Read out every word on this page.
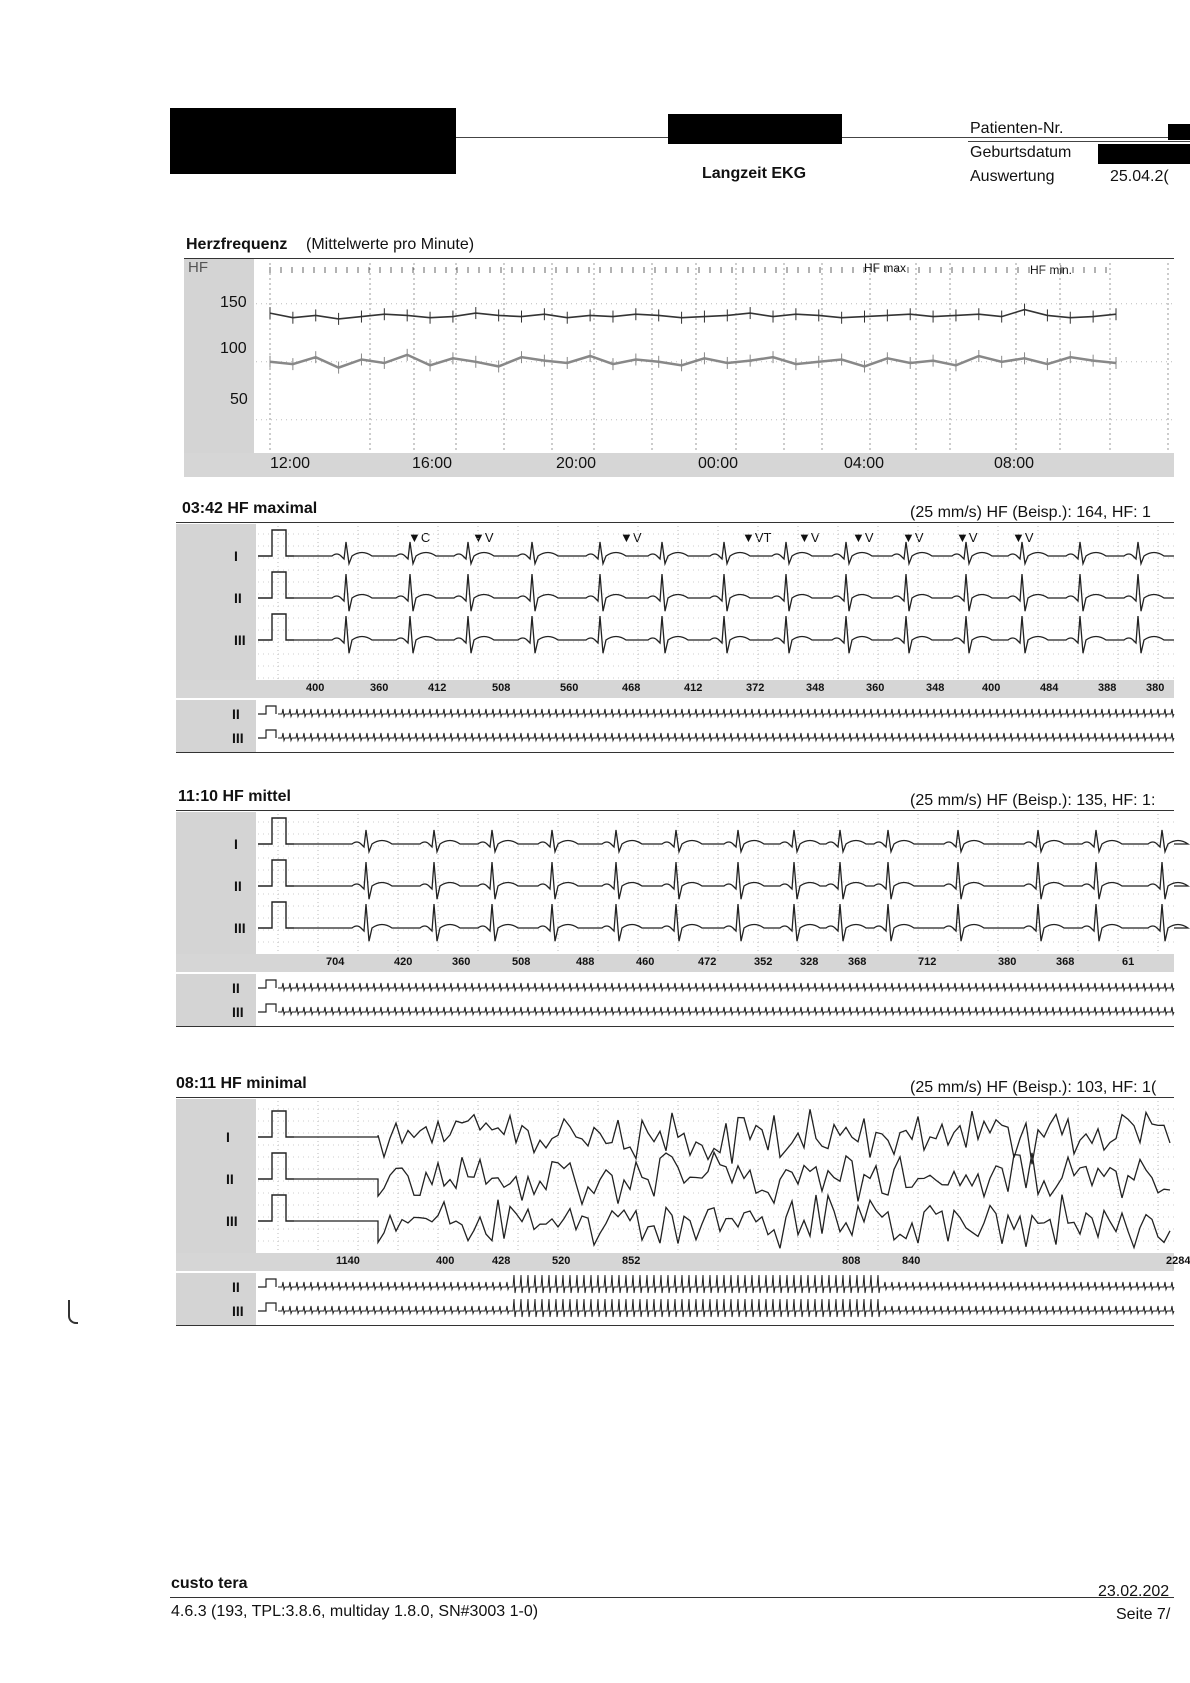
Langzeit EKG
Patienten-Nr.
Geburtsdatum
Auswertung	25.04.2(
Herzfrequenz (Mittelwerte pro Minute)
HF	HF max	HF min.
150
100
50
12:00	16:00	20:00	00:00	04:00	08:00
03:42 HF maximal	(25 mm/s) HF (Beisp.): 164, HF: 1
▼C	▼V	▼V	▼VT ▼V ▼V ▼V ▼V	▼V
I
II
III
400	360	412	508	560	468	412	372	348	360	348	400	484	388	380
II
III
11:10 HF mittel	(25 mm/s) HF (Beisp.): 135, HF: 1:
I
II
III
704	420	360	508	488	460	472	352	328	368	712	380	368	61
II
III
08:11 HF minimal	(25 mm/s) HF (Beisp.): 103, HF: 1(
I
II
III
1140	400	428	520	852	808	840	2284
II
III
custo tera
4.6.3 (193, TPL:3.8.6, multiday 1.8.0, SN#3003 1-0)
23.02.202
Seite 7/
